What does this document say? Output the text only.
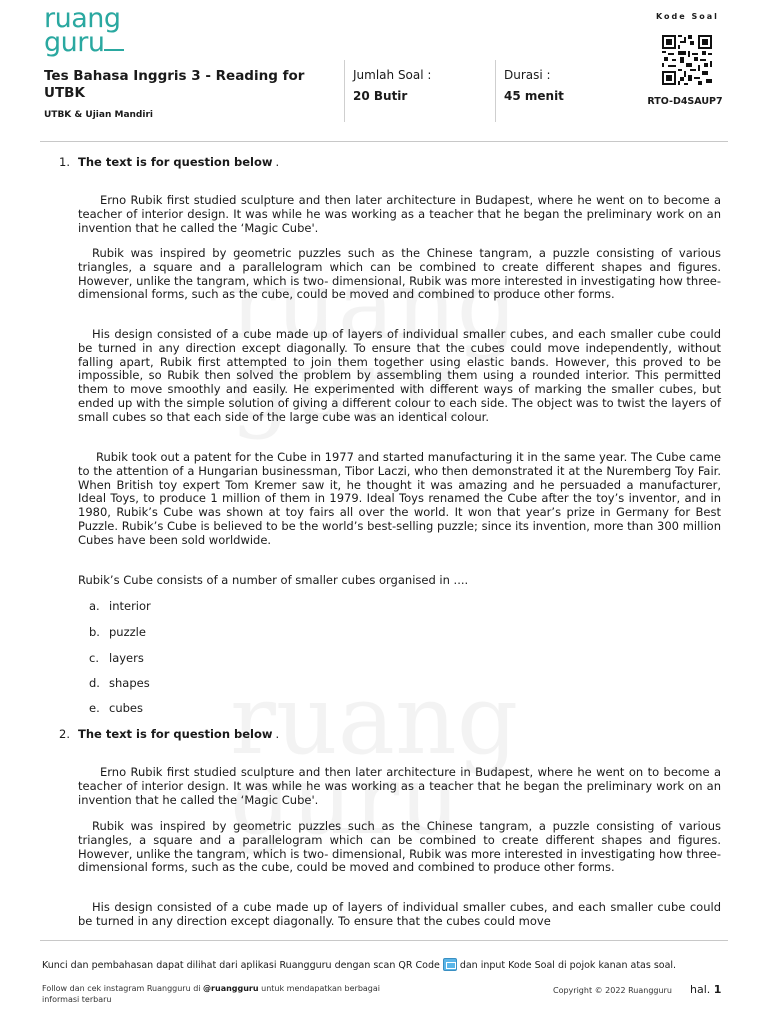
ruang
guru
Tes Bahasa Inggris 3 - Reading for UTBK
UTBK & Ujian Mandiri
Jumlah Soal :
20 Butir
Durasi :
45 menit
Kode Soal
RTO-D4SAUP7
1. The text is for question below .
Erno Rubik first studied sculpture and then later architecture in Budapest, where he went on to become a teacher of interior design. It was while he was working as a teacher that he began the preliminary work on an invention that he called the ‘Magic Cube'.
Rubik was inspired by geometric puzzles such as the Chinese tangram, a puzzle consisting of various triangles, a square and a parallelogram which can be combined to create different shapes and figures. However, unlike the tangram, which is two- dimensional, Rubik was more interested in investigating how three-dimensional forms, such as the cube, could be moved and combined to produce other forms.
His design consisted of a cube made up of layers of individual smaller cubes, and each smaller cube could be turned in any direction except diagonally. To ensure that the cubes could move independently, without falling apart, Rubik first attempted to join them together using elastic bands. However, this proved to be impossible, so Rubik then solved the problem by assembling them using a rounded interior. This permitted them to move smoothly and easily. He experimented with different ways of marking the smaller cubes, but ended up with the simple solution of giving a different colour to each side. The object was to twist the layers of small cubes so that each side of the large cube was an identical colour.
Rubik took out a patent for the Cube in 1977 and started manufacturing it in the same year. The Cube came to the attention of a Hungarian businessman, Tibor Laczi, who then demonstrated it at the Nuremberg Toy Fair. When British toy expert Tom Kremer saw it, he thought it was amazing and he persuaded a manufacturer, Ideal Toys, to produce 1 million of them in 1979. Ideal Toys renamed the Cube after the toy’s inventor, and in 1980, Rubik’s Cube was shown at toy fairs all over the world. It won that year’s prize in Germany for Best Puzzle. Rubik’s Cube is believed to be the world’s best-selling puzzle; since its invention, more than 300 million Cubes have been sold worldwide.
Rubik’s Cube consists of a number of smaller cubes organised in ....
a. interior
b. puzzle
c. layers
d. shapes
e. cubes
2. The text is for question below .
Erno Rubik first studied sculpture and then later architecture in Budapest, where he went on to become a teacher of interior design. It was while he was working as a teacher that he began the preliminary work on an invention that he called the ‘Magic Cube'.
Rubik was inspired by geometric puzzles such as the Chinese tangram, a puzzle consisting of various triangles, a square and a parallelogram which can be combined to create different shapes and figures. However, unlike the tangram, which is two- dimensional, Rubik was more interested in investigating how three-dimensional forms, such as the cube, could be moved and combined to produce other forms.
His design consisted of a cube made up of layers of individual smaller cubes, and each smaller cube could be turned in any direction except diagonally. To ensure that the cubes could move
Kunci dan pembahasan dapat dilihat dari aplikasi Ruangguru dengan scan QR Code dan input Kode Soal di pojok kanan atas soal.
Follow dan cek instagram Ruangguru di @ruangguru untuk mendapatkan berbagai informasi terbaru
Copyright © 2022 Ruangguru hal. 1
